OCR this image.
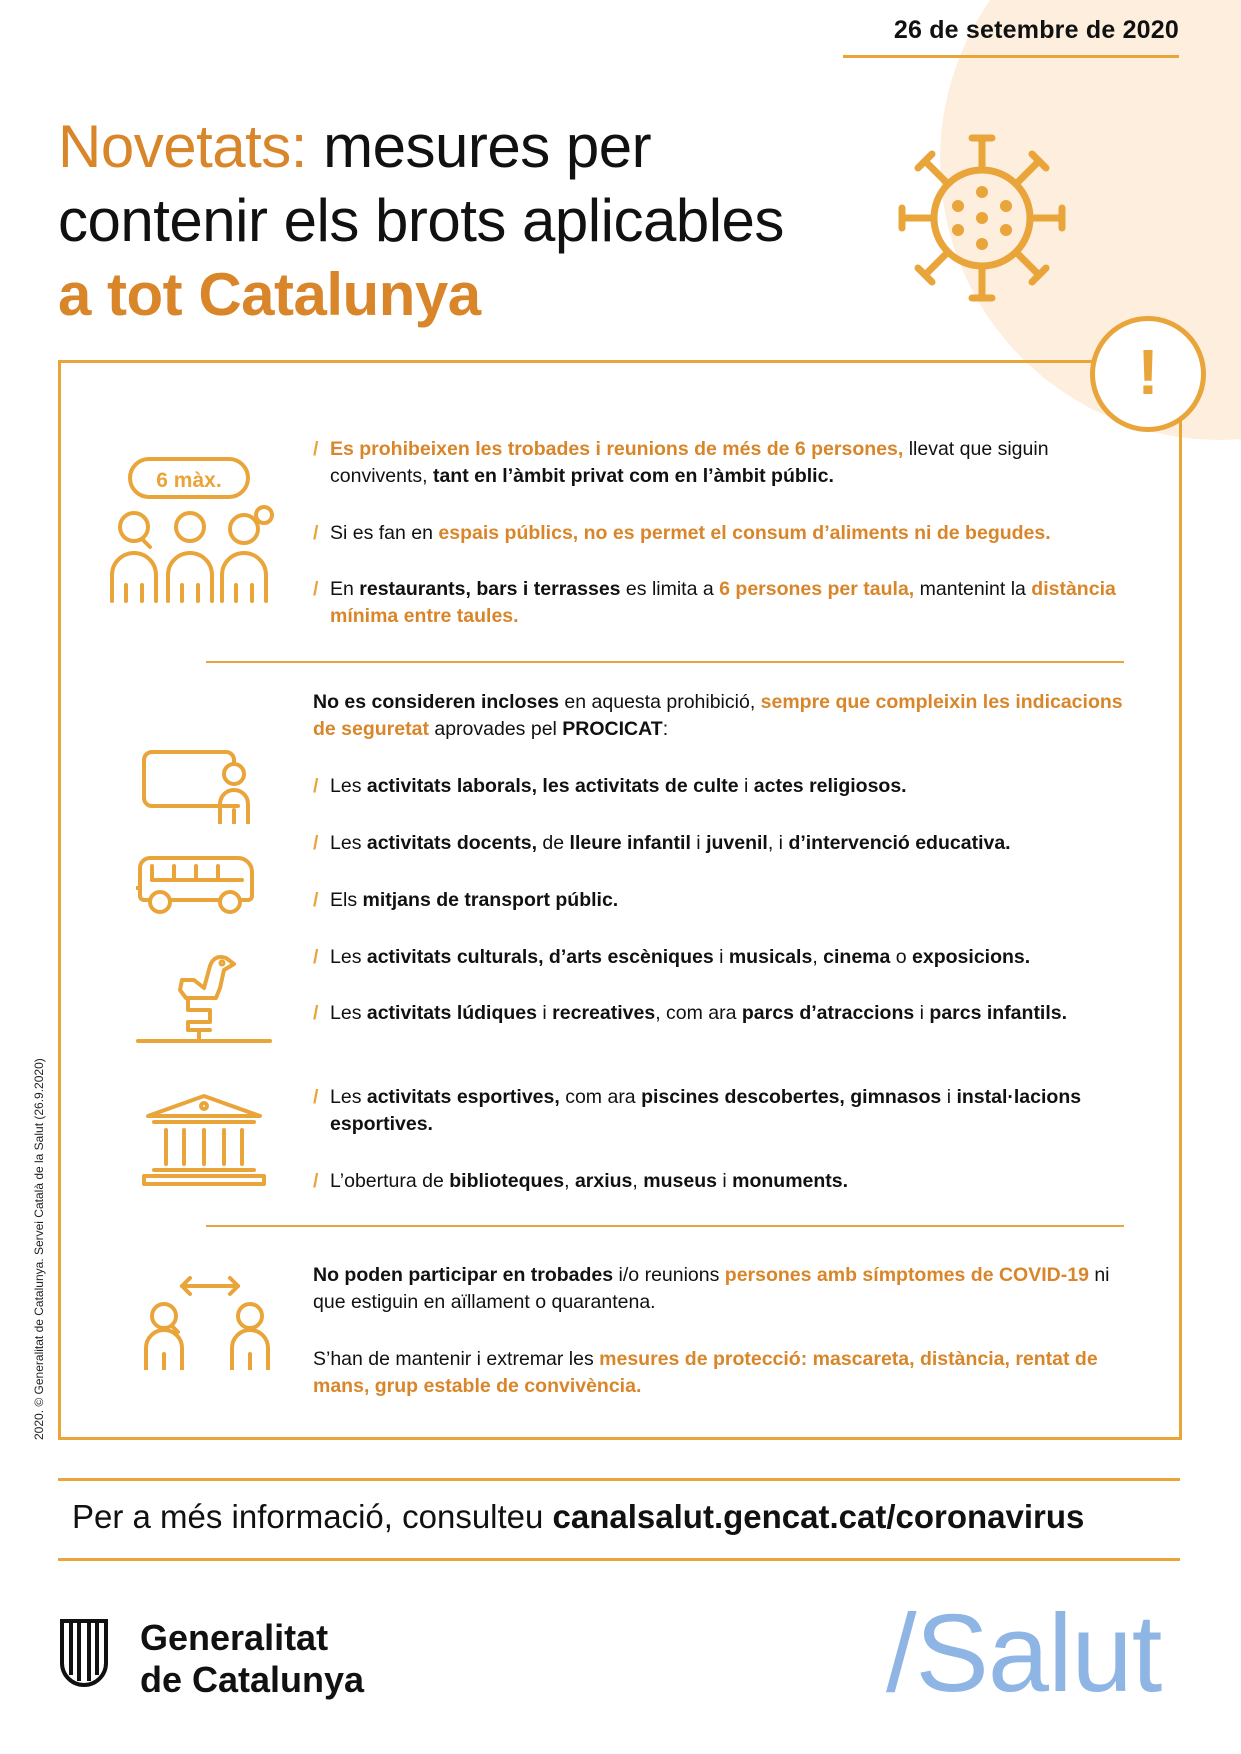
26 de setembre de 2020
Novetats: mesures per
contenir els brots aplicables
a tot Catalunya
!
6 màx.
/ Es prohibeixen les trobades i reunions de més de 6 persones, llevat que siguin convivents, tant en l’àmbit privat com en l’àmbit públic.
/ Si es fan en espais públics, no es permet el consum d’aliments ni de begudes.
/ En restaurants, bars i terrasses es limita a 6 persones per taula, mantenint la distància mínima entre taules.
No es consideren incloses en aquesta prohibició, sempre que compleixin les indicacions de seguretat aprovades pel PROCICAT:
/ Les activitats laborals, les activitats de culte i actes religiosos.
/ Les activitats docents, de lleure infantil i juvenil, i d’intervenció educativa.
/ Els mitjans de transport públic.
/ Les activitats culturals, d’arts escèniques i musicals, cinema o exposicions.
/ Les activitats lúdiques i recreatives, com ara parcs d’atraccions i parcs infantils.
/ Les activitats esportives, com ara piscines descobertes, gimnasos i instal·lacions esportives.
/ L’obertura de biblioteques, arxius, museus i monuments.
No poden participar en trobades i/o reunions persones amb símptomes de COVID-19 ni que estiguin en aïllament o quarantena.
S’han de mantenir i extremar les mesures de protecció: mascareta, distància, rentat de mans, grup estable de convivència.
2020. © Generalitat de Catalunya. Servei Català de la Salut (26.9.2020)
Per a més informació, consulteu canalsalut.gencat.cat/coronavirus
Generalitat
de Catalunya	/Salut
